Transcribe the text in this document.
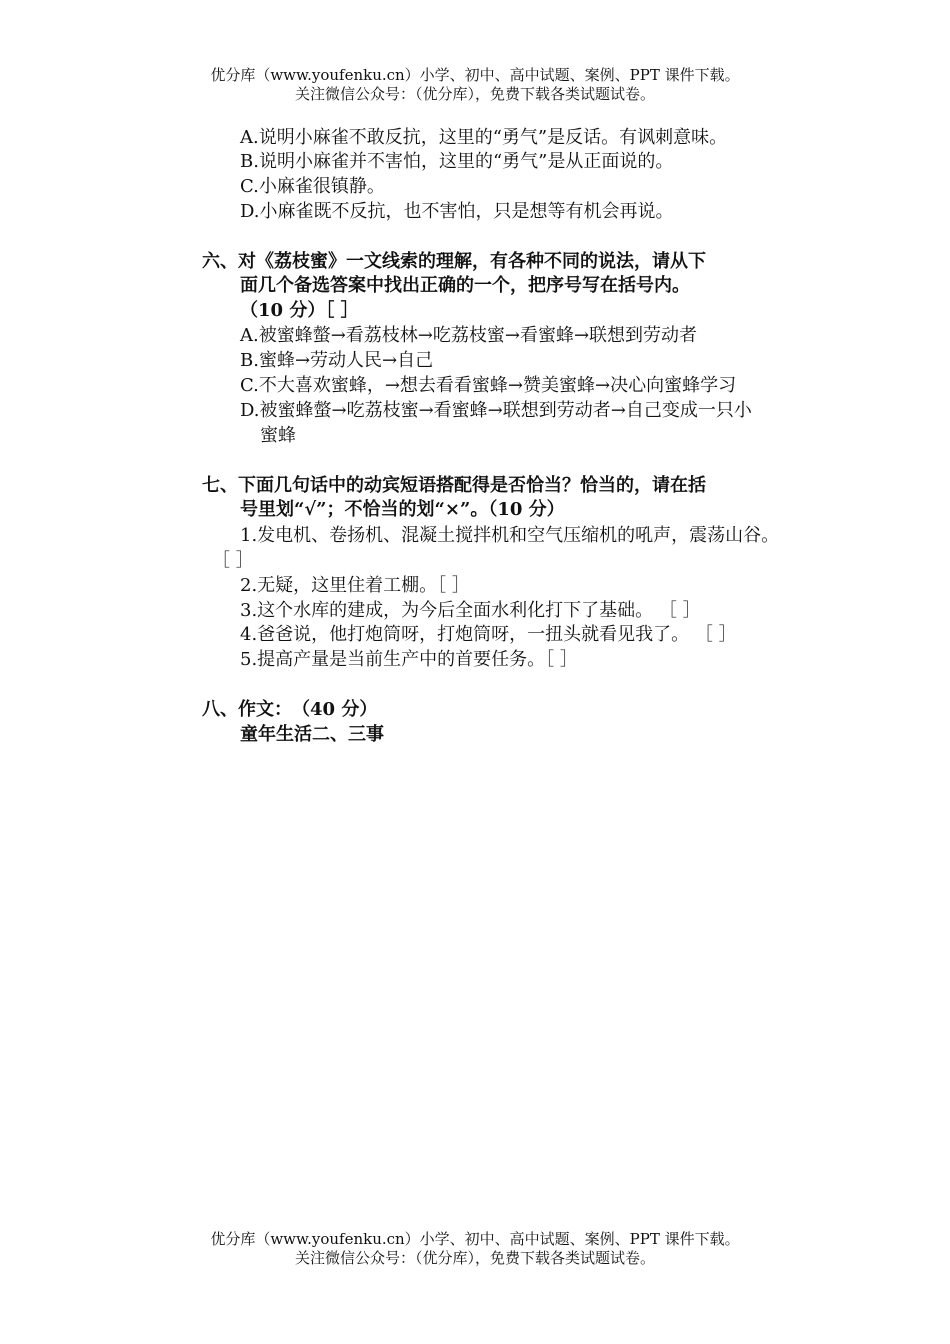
优分库（www.youfenku.cn）小学、初中、高中试题、案例、PPT 课件下载。
关注微信公众号：（优分库），免费下载各类试题试卷。
A.说明小麻雀不敢反抗，这里的“勇气”是反话。有讽刺意味。
B.说明小麻雀并不害怕，这里的“勇气”是从正面说的。
C.小麻雀很镇静。
D.小麻雀既不反抗，也不害怕，只是想等有机会再说。
六、对《荔枝蜜》一文线索的理解，有各种不同的说法，请从下
面几个备选答案中找出正确的一个，把序号写在括号内。
（10 分）［ ］
A.被蜜蜂螫→看荔枝林→吃荔枝蜜→看蜜蜂→联想到劳动者
B.蜜蜂→劳动人民→自己
C.不大喜欢蜜蜂，→想去看看蜜蜂→赞美蜜蜂→决心向蜜蜂学习
D.被蜜蜂螫→吃荔枝蜜→看蜜蜂→联想到劳动者→自己变成一只小
蜜蜂
七、下面几句话中的动宾短语搭配得是否恰当？恰当的，请在括
号里划“√”；不恰当的划“×”。（10 分）
1.发电机、卷扬机、混凝土搅拌机和空气压缩机的吼声，震荡山谷。
［ ］
2.无疑，这里住着工棚。［ ］
3.这个水库的建成，为今后全面水利化打下了基础。 ［ ］
4.爸爸说，他打炮筒呀，打炮筒呀，一扭头就看见我了。 ［ ］
5.提高产量是当前生产中的首要任务。［ ］
八、作文：　（40 分）
童年生活二、三事
优分库（www.youfenku.cn）小学、初中、高中试题、案例、PPT 课件下载。
关注微信公众号：（优分库），免费下载各类试题试卷。
